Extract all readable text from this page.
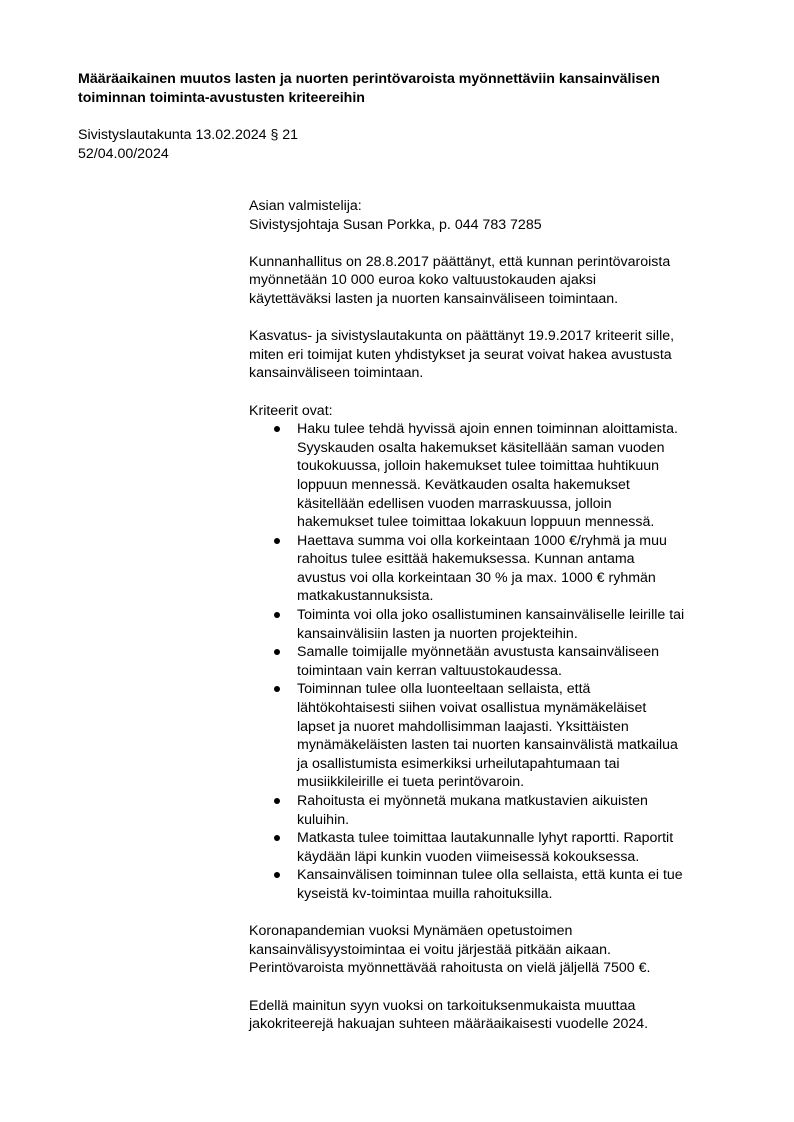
Määräaikainen muutos lasten ja nuorten perintövaroista myönnettäviin kansainvälisen
toiminnan toiminta-avustusten kriteereihin
Sivistyslautakunta 13.02.2024 § 21
52/04.00/2024
Asian valmistelija:
Sivistysjohtaja Susan Porkka, p. 044 783 7285
Kunnanhallitus on 28.8.2017 päättänyt, että kunnan perintövaroista
myönnetään 10 000 euroa koko valtuustokauden ajaksi
käytettäväksi lasten ja nuorten kansainväliseen toimintaan.
Kasvatus- ja sivistyslautakunta on päättänyt 19.9.2017 kriteerit sille,
miten eri toimijat kuten yhdistykset ja seurat voivat hakea avustusta
kansainväliseen toimintaan.
Kriteerit ovat:
Haku tulee tehdä hyvissä ajoin ennen toiminnan aloittamista.
Syyskauden osalta hakemukset käsitellään saman vuoden
toukokuussa, jolloin hakemukset tulee toimittaa huhtikuun
loppuun mennessä. Kevätkauden osalta hakemukset
käsitellään edellisen vuoden marraskuussa, jolloin
hakemukset tulee toimittaa lokakuun loppuun mennessä.
Haettava summa voi olla korkeintaan 1000 €/ryhmä ja muu
rahoitus tulee esittää hakemuksessa. Kunnan antama
avustus voi olla korkeintaan 30 % ja max. 1000 € ryhmän
matkakustannuksista.
Toiminta voi olla joko osallistuminen kansainväliselle leirille tai
kansainvälisiin lasten ja nuorten projekteihin.
Samalle toimijalle myönnetään avustusta kansainväliseen
toimintaan vain kerran valtuustokaudessa.
Toiminnan tulee olla luonteeltaan sellaista, että
lähtökohtaisesti siihen voivat osallistua mynämäkeläiset
lapset ja nuoret mahdollisimman laajasti. Yksittäisten
mynämäkeläisten lasten tai nuorten kansainvälistä matkailua
ja osallistumista esimerkiksi urheilutapahtumaan tai
musiikkileirille ei tueta perintövaroin.
Rahoitusta ei myönnetä mukana matkustavien aikuisten
kuluihin.
Matkasta tulee toimittaa lautakunnalle lyhyt raportti. Raportit
käydään läpi kunkin vuoden viimeisessä kokouksessa.
Kansainvälisen toiminnan tulee olla sellaista, että kunta ei tue
kyseistä kv-toimintaa muilla rahoituksilla.
Koronapandemian vuoksi Mynämäen opetustoimen
kansainvälisyystoimintaa ei voitu järjestää pitkään aikaan.
Perintövaroista myönnettävää rahoitusta on vielä jäljellä 7500 €.
Edellä mainitun syyn vuoksi on tarkoituksenmukaista muuttaa
jakokriteerejä hakuajan suhteen määräaikaisesti vuodelle 2024.
